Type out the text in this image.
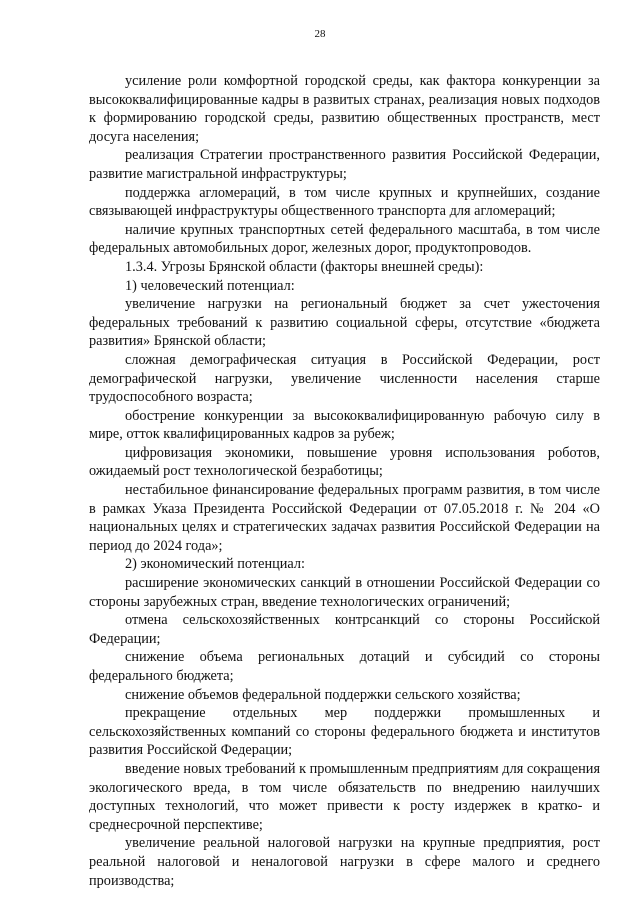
28

усиление роли комфортной городской среды, как фактора конкуренции за высококвалифицированные кадры в развитых странах, реализация новых подходов к формированию городской среды, развитию общественных пространств, мест досуга населения;

реализация Стратегии пространственного развития Российской Федерации, развитие магистральной инфраструктуры;

поддержка агломераций, в том числе крупных и крупнейших, создание связывающей инфраструктуры общественного транспорта для агломераций;

наличие крупных транспортных сетей федерального масштаба, в том числе федеральных автомобильных дорог, железных дорог, продуктопроводов.

1.3.4. Угрозы Брянской области (факторы внешней среды):

1) человеческий потенциал:

увеличение нагрузки на региональный бюджет за счет ужесточения федеральных требований к развитию социальной сферы, отсутствие «бюджета развития» Брянской области;

сложная демографическая ситуация в Российской Федерации, рост демографической нагрузки, увеличение численности населения старше трудоспособного возраста;

обострение конкуренции за высококвалифицированную рабочую силу в мире, отток квалифицированных кадров за рубеж;

цифровизация экономики, повышение уровня использования роботов, ожидаемый рост технологической безработицы;

нестабильное финансирование федеральных программ развития, в том числе в рамках Указа Президента Российской Федерации от 07.05.2018 г. № 204 «О национальных целях и стратегических задачах развития Российской Федерации на период до 2024 года»;

2) экономический потенциал:

расширение экономических санкций в отношении Российской Федерации со стороны зарубежных стран, введение технологических ограничений;

отмена сельскохозяйственных контрсанкций со стороны Российской Федерации;

снижение объема региональных дотаций и субсидий со стороны федерального бюджета;

снижение объемов федеральной поддержки сельского хозяйства;

прекращение отдельных мер поддержки промышленных и сельскохозяйственных компаний со стороны федерального бюджета и институтов развития Российской Федерации;

введение новых требований к промышленным предприятиям для сокращения экологического вреда, в том числе обязательств по внедрению наилучших доступных технологий, что может привести к росту издержек в кратко- и среднесрочной перспективе;

увеличение реальной налоговой нагрузки на крупные предприятия, рост реальной налоговой и неналоговой нагрузки в сфере малого и среднего производства;
